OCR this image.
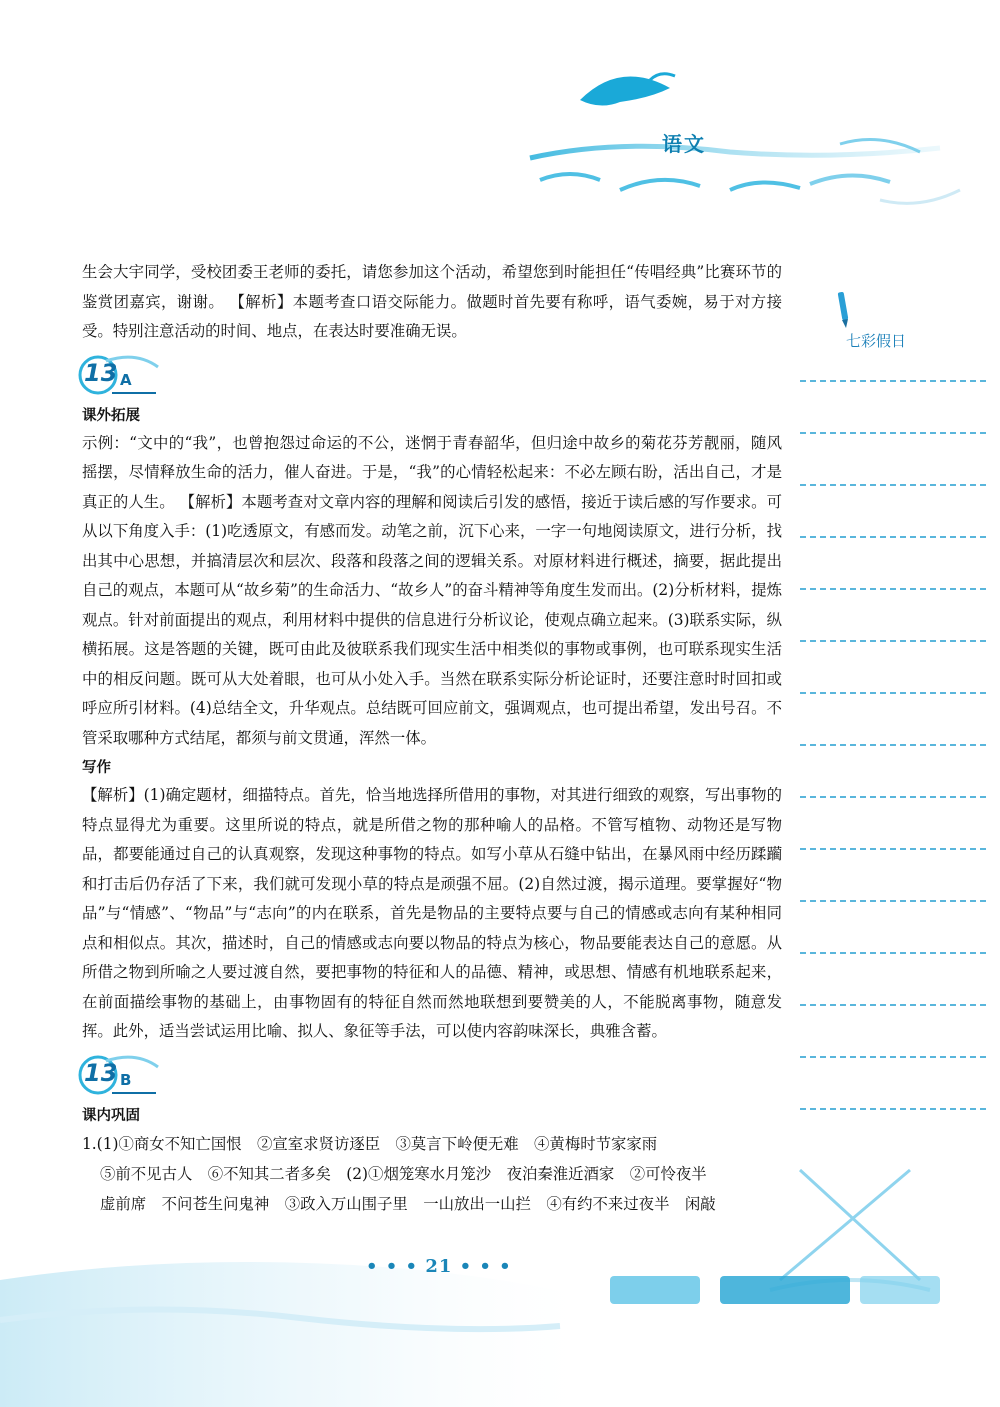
语文
七彩假日

生会大宇同学，受校团委王老师的委托，请您参加这个活动，希望您到时能担任“传唱经典”比赛环节的鉴赏团嘉宾，谢谢。 【解析】本题考查口语交际能力。做题时首先要有称呼，语气委婉，易于对方接受。特别注意活动的时间、地点，在表达时要准确无误。

13 A
课外拓展

示例：“文中的“我”，也曾抱怨过命运的不公，迷惘于青春韶华，但归途中故乡的菊花芬芳靓丽，随风摇摆，尽情释放生命的活力，催人奋进。于是，“我”的心情轻松起来：不必左顾右盼，活出自己，才是真正的人生。 【解析】本题考查对文章内容的理解和阅读后引发的感悟，接近于读后感的写作要求。可从以下角度入手：(1)吃透原文，有感而发。动笔之前，沉下心来，一字一句地阅读原文，进行分析，找出其中心思想，并搞清层次和层次、段落和段落之间的逻辑关系。对原材料进行概述，摘要，据此提出自己的观点，本题可从“故乡菊”的生命活力、“故乡人”的奋斗精神等角度生发而出。(2)分析材料，提炼观点。针对前面提出的观点，利用材料中提供的信息进行分析议论，使观点确立起来。(3)联系实际，纵横拓展。这是答题的关键，既可由此及彼联系我们现实生活中相类似的事物或事例，也可联系现实生活中的相反问题。既可从大处着眼，也可从小处入手。当然在联系实际分析论证时，还要注意时时回扣或呼应所引材料。(4)总结全文，升华观点。总结既可回应前文，强调观点，也可提出希望，发出号召。不管采取哪种方式结尾，都须与前文贯通，浑然一体。

写作

【解析】(1)确定题材，细描特点。首先，恰当地选择所借用的事物，对其进行细致的观察，写出事物的特点显得尤为重要。这里所说的特点，就是所借之物的那种喻人的品格。不管写植物、动物还是写物品，都要能通过自己的认真观察，发现这种事物的特点。如写小草从石缝中钻出，在暴风雨中经历蹂躏和打击后仍存活了下来，我们就可发现小草的特点是顽强不屈。(2)自然过渡，揭示道理。要掌握好“物品”与“情感”、“物品”与“志向”的内在联系，首先是物品的主要特点要与自己的情感或志向有某种相同点和相似点。其次，描述时，自己的情感或志向要以物品的特点为核心，物品要能表达自己的意愿。从所借之物到所喻之人要过渡自然，要把事物的特征和人的品德、精神，或思想、情感有机地联系起来，在前面描绘事物的基础上，由事物固有的特征自然而然地联想到要赞美的人，不能脱离事物，随意发挥。此外，适当尝试运用比喻、拟人、象征等手法，可以使内容韵味深长，典雅含蓄。

13 B
课内巩固

1.(1)①商女不知亡国恨　②宣室求贤访逐臣　③莫言下岭便无难　④黄梅时节家家雨

⑤前不见古人　⑥不知其二者多矣　(2)①烟笼寒水月笼沙　夜泊秦淮近酒家　②可怜夜半

虚前席　不问苍生问鬼神　③政入万山围子里　一山放出一山拦　④有约不来过夜半　闲敲

• • • 21 • • •
